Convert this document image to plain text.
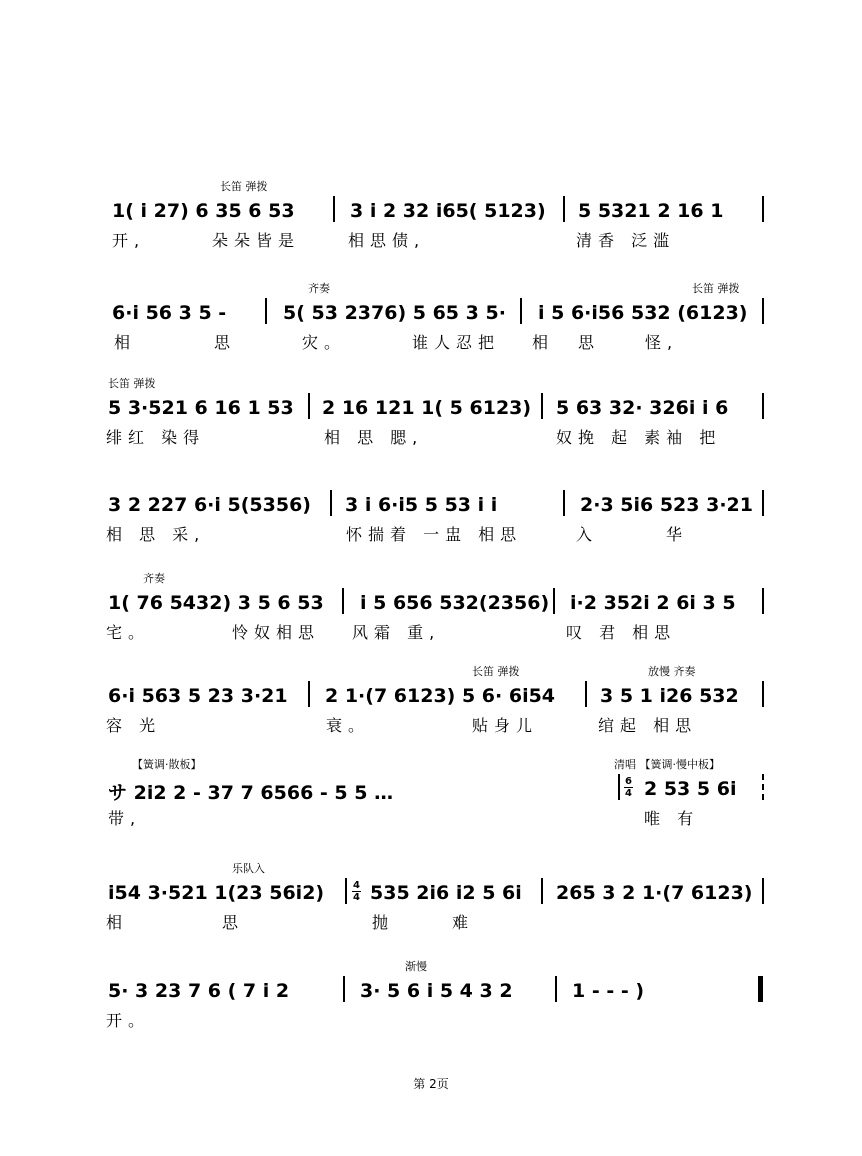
长笛 弹拨
1( i 27) 6 35 6 53	3 i 2 32 i65( 5123) 5 5321 2 16 1
开,	朵朵皆是	相思债,	清香 泛滥
齐奏	长笛 弹拨
6·i 56 3 5 -	5( 53 2376) 5 65 3 5· i 5 6·i56 532 (6123)
相	思	灾。	谁人忍把 相 思	怪,
长笛 弹拨
5 3·521 6 16 1 53 2 16 121 1( 5 6123) 5 63 32· 326i i 6
绯红 染得	相 思 腮,	奴挽 起 素袖 把
3 2 227 6·i 5(5356) 3 i 6·i5 5 53 i i	2·3 5i6 523 3·21
相 思 采,	怀揣着 一盅 相思	入	华
齐奏
1( 76 5432) 3 5 6 53 i 5 656 532(2356) i·2 352i 2 6i 3 5
宅。	怜奴相思 风霜 重,	叹 君 相思
长笛 弹拨	放慢 齐奏
6·i 563 5 23 3·21 2 1·(7 6123) 5 6· 6i54 3 5 1 i26 532
容 光	衰。	贴身儿	绾起 相思
【簧调·散板】	清唱 【簧调·慢中板】
サ 2i2 2 - 37 7 6566 - 5 5 …
6
4 2 53 5 6i
带,	唯 有
乐队入
i54 3·521 1(23 56i2)	4
4 535 2i6 i2 5 6i 265 3 2 1·(7 6123)
相	思	抛	难
渐慢
5· 3 23 7 6 ( 7 i 2	3· 5 6 i 5 4 3 2	1 - - - )
开。
第 2页
